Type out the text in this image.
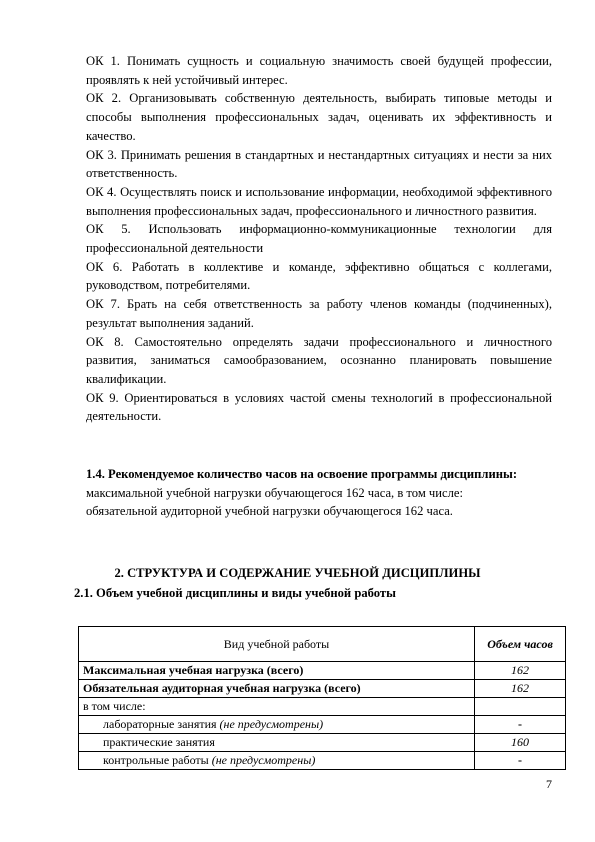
ОК 1. Понимать сущность и социальную значимость своей будущей профессии, проявлять к ней устойчивый интерес.

ОК 2. Организовывать собственную деятельность, выбирать типовые методы и способы выполнения профессиональных задач, оценивать их эффективность и качество.

ОК 3. Принимать решения в стандартных и нестандартных ситуациях и нести за них ответственность.

ОК 4. Осуществлять поиск и использование информации, необходимой эффективного выполнения профессиональных задач, профессионального и личностного развития.

ОК 5. Использовать информационно-коммуникационные технологии для профессиональной деятельности

ОК 6. Работать в коллективе и команде, эффективно общаться с коллегами, руководством, потребителями.

ОК 7. Брать на себя ответственность за работу членов команды (подчиненных), результат выполнения заданий.

ОК 8. Самостоятельно определять задачи профессионального и личностного развития, заниматься самообразованием, осознанно планировать повышение квалификации.

ОК 9. Ориентироваться в условиях частой смены технологий в профессиональной деятельности.

1.4. Рекомендуемое количество часов на освоение программы дисциплины:

максимальной учебной нагрузки обучающегося 162 часа, в том числе:

обязательной аудиторной учебной нагрузки обучающегося 162 часа.

2. СТРУКТУРА И СОДЕРЖАНИЕ УЧЕБНОЙ ДИСЦИПЛИНЫ

2.1. Объем учебной дисциплины и виды учебной работы

Вид учебной работы	Объем часов
Максимальная учебная нагрузка (всего)	162
Обязательная аудиторная учебная нагрузка (всего)	162
в том числе:	
лабораторные занятия (не предусмотрены)	-
практические занятия	160
контрольные работы (не предусмотрены)	-
7
